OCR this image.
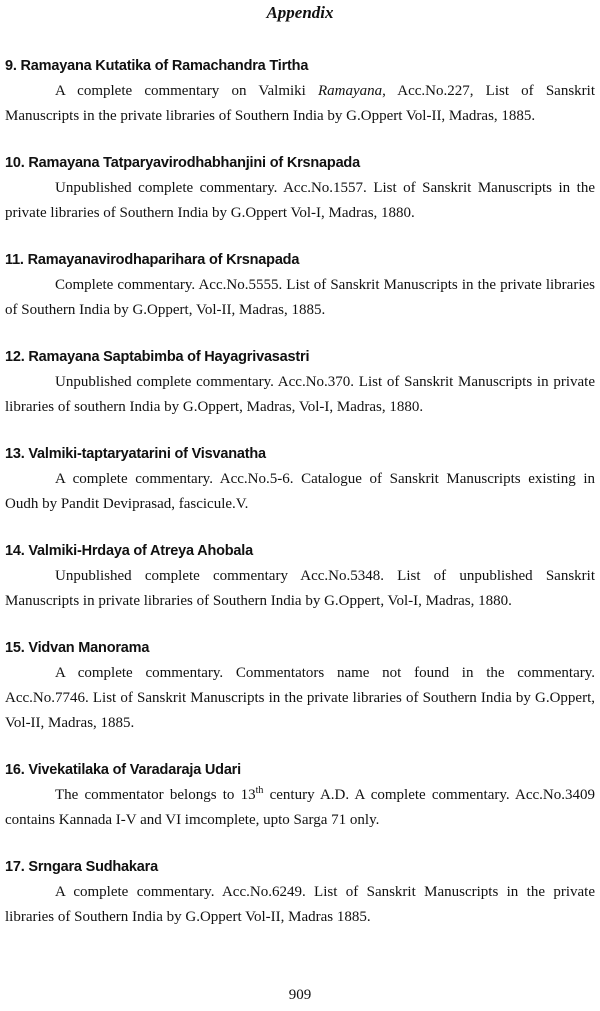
Appendix

9. Ramayana Kutatika of Ramachandra Tirtha

A complete commentary on Valmiki Ramayana, Acc.No.227, List of Sanskrit Manuscripts in the private libraries of Southern India by G.Oppert Vol-II, Madras, 1885.

10. Ramayana Tatparyavirodhabhanjini of Krsnapada

Unpublished complete commentary. Acc.No.1557. List of Sanskrit Manuscripts in the private libraries of Southern India by G.Oppert Vol-I, Madras, 1880.

11. Ramayanavirodhaparihara of Krsnapada

Complete commentary. Acc.No.5555. List of Sanskrit Manuscripts in the private libraries of Southern India by G.Oppert, Vol-II, Madras, 1885.

12. Ramayana Saptabimba of Hayagrivasastri

Unpublished complete commentary. Acc.No.370. List of Sanskrit Manuscripts in private libraries of southern India by G.Oppert, Madras, Vol-I, Madras, 1880.

13. Valmiki-taptaryatarini of Visvanatha

A complete commentary. Acc.No.5-6. Catalogue of Sanskrit Manuscripts existing in Oudh by Pandit Deviprasad, fascicule.V.

14. Valmiki-Hrdaya of Atreya Ahobala

Unpublished complete commentary Acc.No.5348. List of unpublished Sanskrit Manuscripts in private libraries of Southern India by G.Oppert, Vol-I, Madras, 1880.

15. Vidvan Manorama

A complete commentary. Commentators name not found in the commentary. Acc.No.7746. List of Sanskrit Manuscripts in the private libraries of Southern India by G.Oppert, Vol-II, Madras, 1885.

16. Vivekatilaka of Varadaraja Udari

The commentator belongs to 13th century A.D. A complete commentary. Acc.No.3409 contains Kannada I-V and VI imcomplete, upto Sarga 71 only.

17. Srngara Sudhakara

A complete commentary. Acc.No.6249. List of Sanskrit Manuscripts in the private libraries of Southern India by G.Oppert Vol-II, Madras 1885.

909
